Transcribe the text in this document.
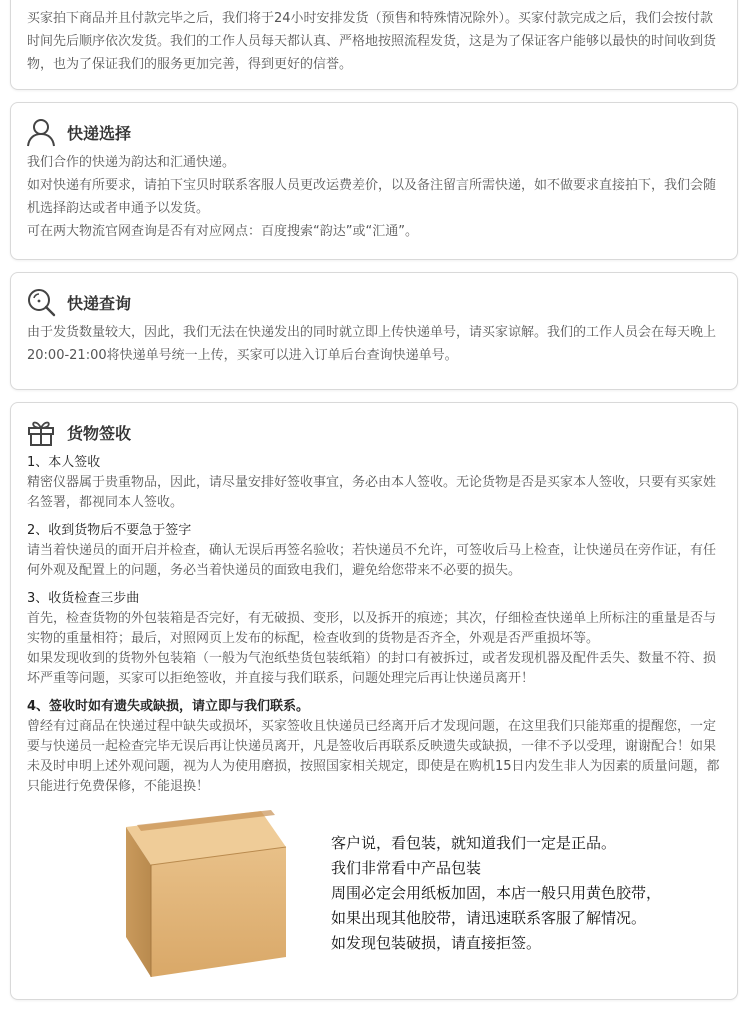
买家拍下商品并且付款完毕之后，我们将于24小时安排发货（预售和特殊情况除外）。买家付款完成之后，我们会按付款时间先后顺序依次发货。我们的工作人员每天都认真、严格地按照流程发货，这是为了保证客户能够以最快的时间收到货物，也为了保证我们的服务更加完善，得到更好的信誉。

快递选择

我们合作的快递为韵达和汇通快递。

如对快递有所要求，请拍下宝贝时联系客服人员更改运费差价，以及备注留言所需快递，如不做要求直接拍下，我们会随机选择韵达或者申通予以发货。

可在两大物流官网查询是否有对应网点：百度搜索“韵达”或“汇通”。

快递查询

由于发货数量较大，因此，我们无法在快递发出的同时就立即上传快递单号，请买家谅解。我们的工作人员会在每天晚上20:00-21:00将快递单号统一上传，买家可以进入订单后台查询快递单号。

货物签收

1、本人签收

精密仪器属于贵重物品，因此，请尽量安排好签收事宜，务必由本人签收。无论货物是否是买家本人签收，只要有买家姓名签署，都视同本人签收。

2、收到货物后不要急于签字

请当着快递员的面开启并检查，确认无误后再签名验收；若快递员不允许，可签收后马上检查，让快递员在旁作证，有任何外观及配置上的问题，务必当着快递员的面致电我们，避免给您带来不必要的损失。

3、收货检查三步曲

首先，检查货物的外包装箱是否完好，有无破损、变形，以及拆开的痕迹；其次，仔细检查快递单上所标注的重量是否与实物的重量相符；最后，对照网页上发布的标配，检查收到的货物是否齐全，外观是否严重损坏等。

如果发现收到的货物外包装箱（一般为气泡纸垫货包装纸箱）的封口有被拆过，或者发现机器及配件丢失、数量不符、损坏严重等问题，买家可以拒绝签收，并直接与我们联系，问题处理完后再让快递员离开！

4、签收时如有遗失或缺损，请立即与我们联系。

曾经有过商品在快递过程中缺失或损坏，买家签收且快递员已经离开后才发现问题，在这里我们只能郑重的提醒您，一定要与快递员一起检查完毕无误后再让快递员离开，凡是签收后再联系反映遗失或缺损，一律不予以受理，谢谢配合！如果未及时申明上述外观问题，视为人为使用磨损，按照国家相关规定，即使是在购机15日内发生非人为因素的质量问题，都只能进行免费保修，不能退换！

客户说，看包装，就知道我们一定是正品。

我们非常看中产品包装

周围必定会用纸板加固，本店一般只用黄色胶带，

如果出现其他胶带，请迅速联系客服了解情况。

如发现包装破损，请直接拒签。
